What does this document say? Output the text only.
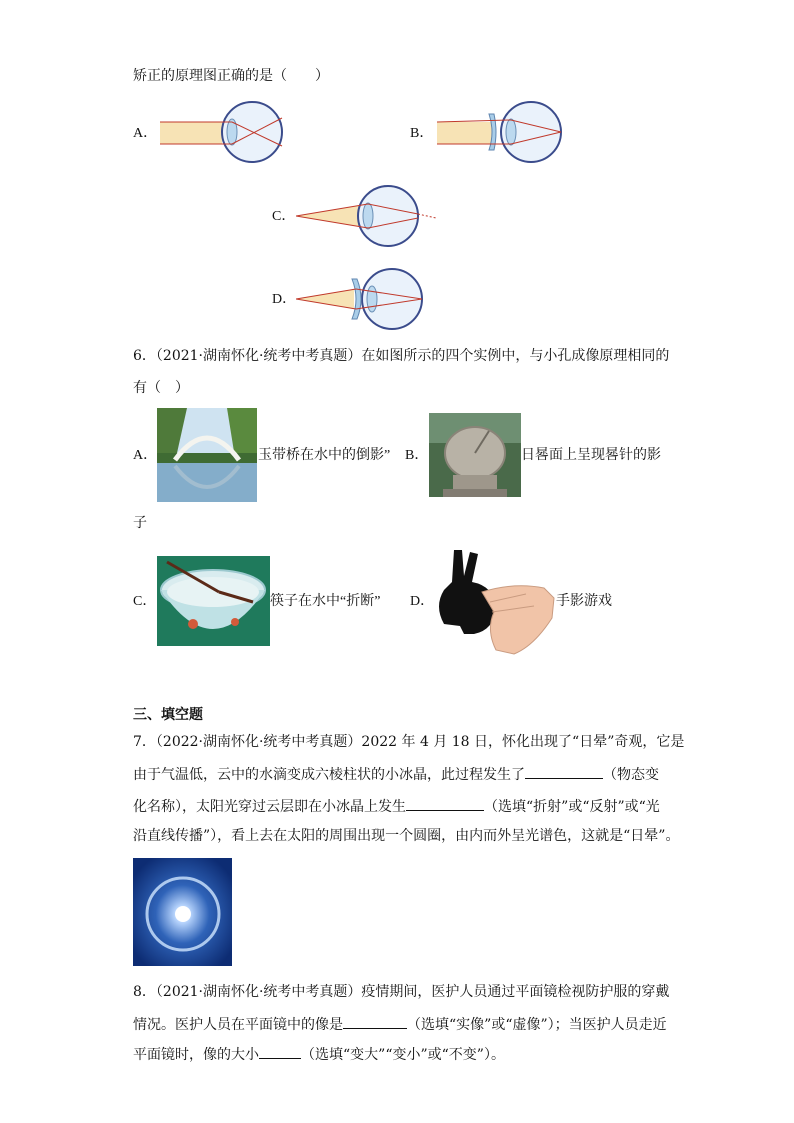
矫正的原理图正确的是（　　）
A．	B．
C．
D．
6．（2021·湖南怀化·统考中考真题）在如图所示的四个实例中，与小孔成像原理相同的
有（　）
A．	玉带桥在水中的倒影” B．	日晷面上呈现晷针的影
子
C．	筷子在水中“折断” D．	手影游戏
三、填空题
7．（2022·湖南怀化·统考中考真题）2022 年 4 月 18 日，怀化出现了“日晕”奇观，它是
由于气温低，云中的水滴变成六棱柱状的小冰晶，此过程发生了	（物态变
化名称），太阳光穿过云层即在小冰晶上发生	（选填“折射”或“反射”或“光
沿直线传播”），看上去在太阳的周围出现一个圆圈，由内而外呈光谱色，这就是“日晕”。
8．（2021·湖南怀化·统考中考真题）疫情期间，医护人员通过平面镜检视防护服的穿戴
情况。医护人员在平面镜中的像是	（选填“实像”或“虚像”）；当医护人员走近
平面镜时，像的大小	（选填“变大”“变小”或“不变”）。
